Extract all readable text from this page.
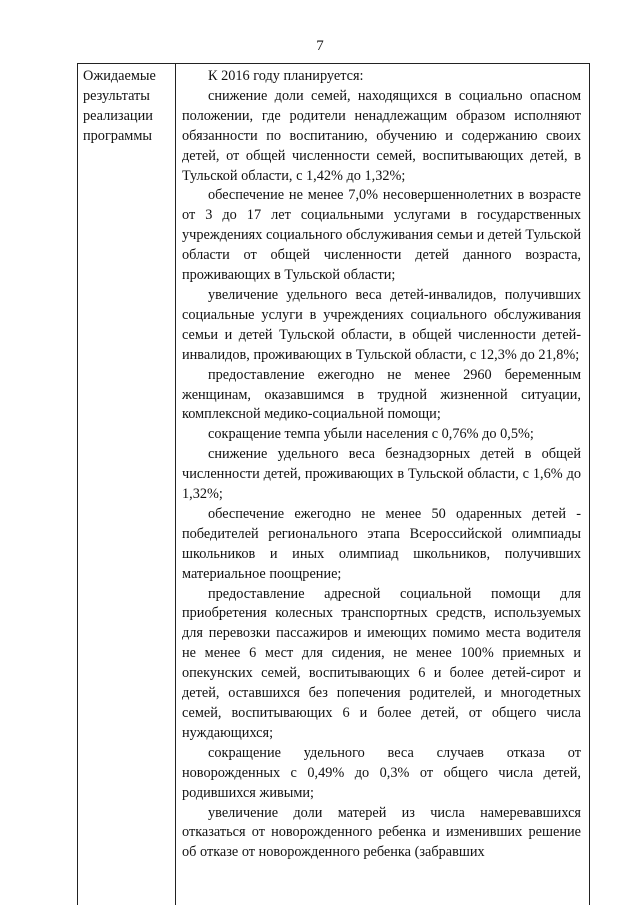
7
Ожидаемые результаты реализации программы

К 2016 году планируется:

снижение доли семей, находящихся в социально опасном положении, где родители ненадлежащим образом исполняют обязанности по воспитанию, обучению и содержанию своих детей, от общей численности семей, воспитывающих детей, в Тульской области, с 1,42% до 1,32%;

обеспечение не менее 7,0% несовершеннолетних в возрасте от 3 до 17 лет социальными услугами в государственных учреждениях социального обслуживания семьи и детей Тульской области от общей численности детей данного возраста, проживающих в Тульской области;

увеличение удельного веса детей-инвалидов, получивших социальные услуги в учреждениях социального обслуживания семьи и детей Тульской области, в общей численности детей-инвалидов, проживающих в Тульской области, с 12,3% до 21,8%;

предоставление ежегодно не менее 2960 беременным женщинам, оказавшимся в трудной жизненной ситуации, комплексной медико-социальной помощи;

сокращение темпа убыли населения с 0,76% до 0,5%;

снижение удельного веса безнадзорных детей в общей численности детей, проживающих в Тульской области, с 1,6% до 1,32%;

обеспечение ежегодно не менее 50 одаренных детей - победителей регионального этапа Всероссийской олимпиады школьников и иных олимпиад школьников, получивших материальное поощрение;

предоставление адресной социальной помощи для приобретения колесных транспортных средств, используемых для перевозки пассажиров и имеющих помимо места водителя не менее 6 мест для сидения, не менее 100% приемных и опекунских семей, воспитывающих 6 и более детей-сирот и детей, оставшихся без попечения родителей, и многодетных семей, воспитывающих 6 и более детей, от общего числа нуждающихся;

сокращение удельного веса случаев отказа от новорожденных с 0,49% до 0,3% от общего числа детей, родившихся живыми;

увеличение доли матерей из числа намеревавшихся отказаться от новорожденного ребенка и изменивших решение об отказе от новорожденного ребенка (забравших
